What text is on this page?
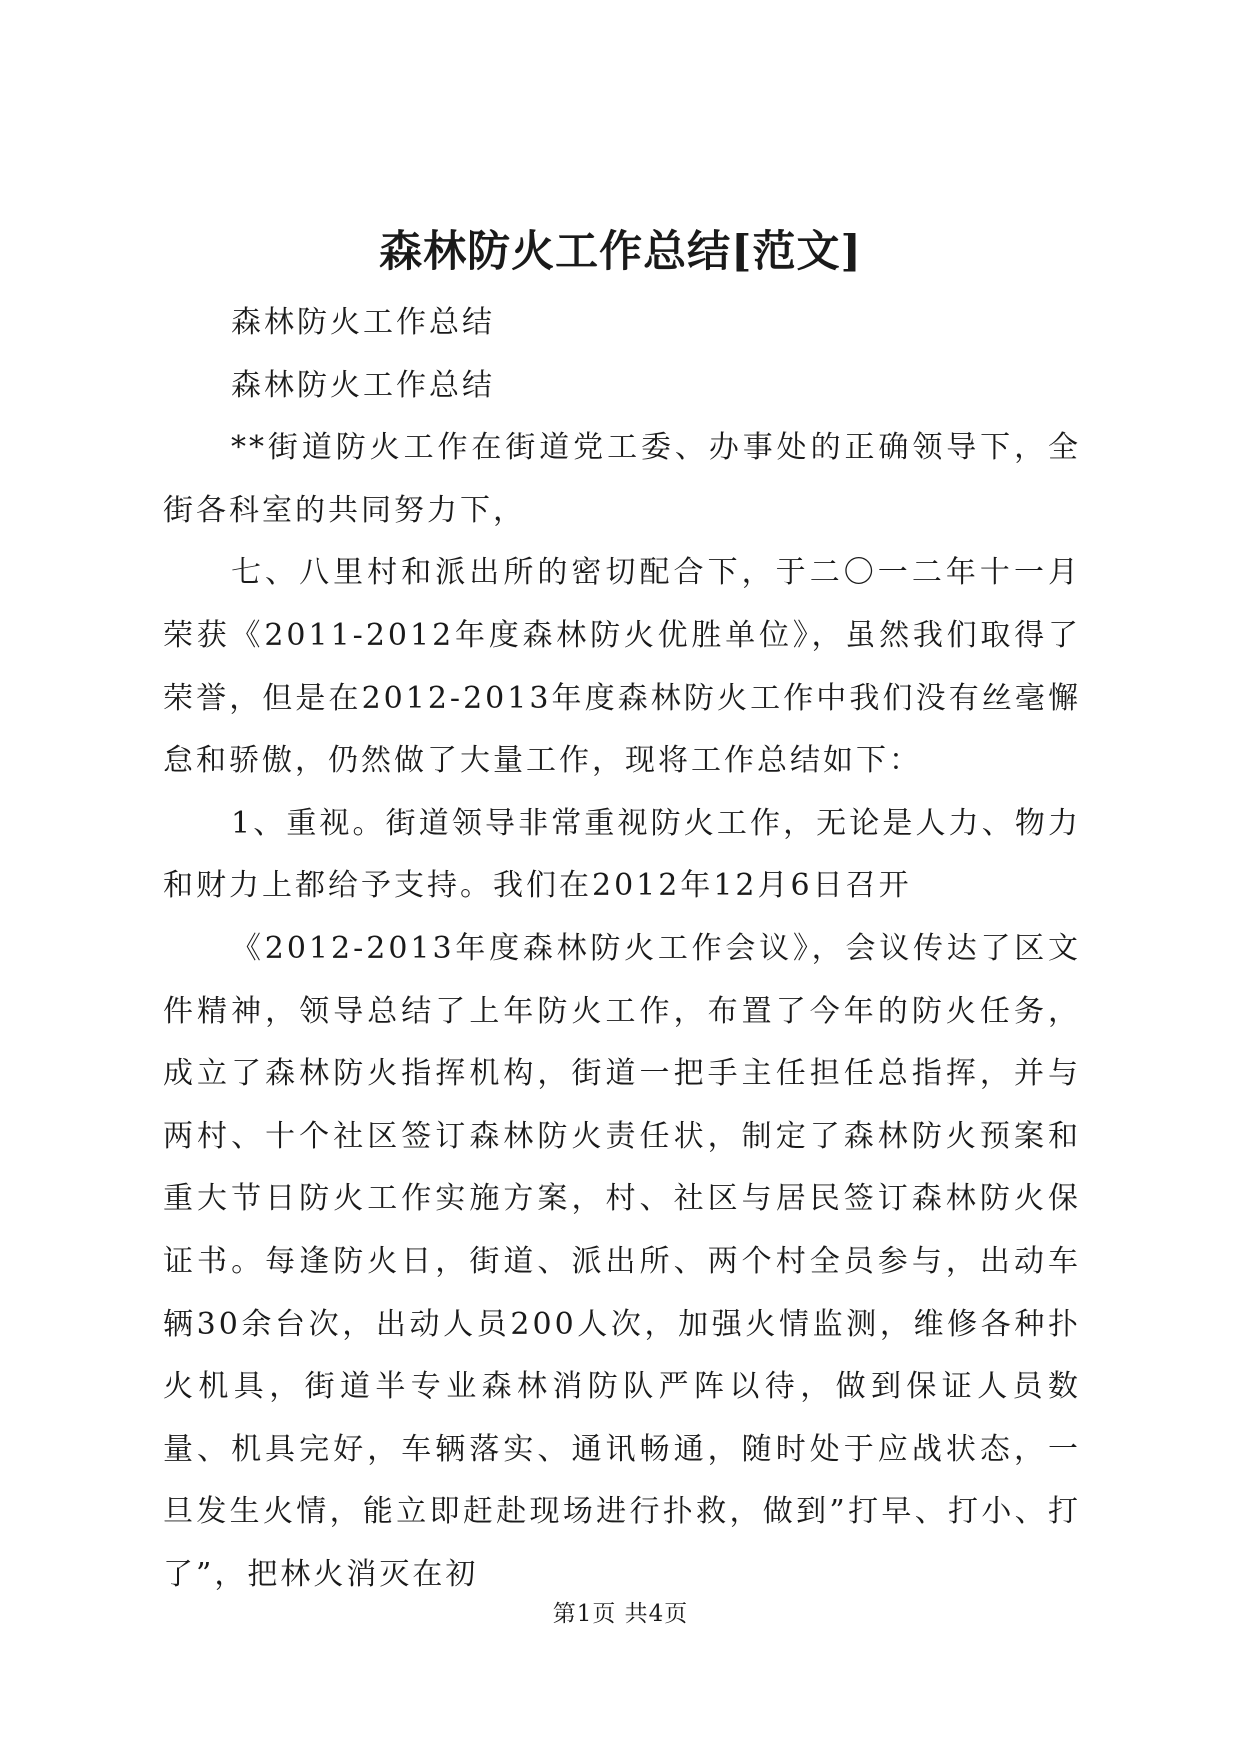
森林防火工作总结[范文]

森林防火工作总结

森林防火工作总结

**街道防火工作在街道党工委、办事处的正确领导下，全街各科室的共同努力下，

七、八里村和派出所的密切配合下，于二〇一二年十一月荣获《2011-2012年度森林防火优胜单位》，虽然我们取得了荣誉，但是在2012-2013年度森林防火工作中我们没有丝毫懈怠和骄傲，仍然做了大量工作，现将工作总结如下：

1、重视。街道领导非常重视防火工作，无论是人力、物力和财力上都给予支持。我们在2012年12月6日召开

《2012-2013年度森林防火工作会议》，会议传达了区文件精神，领导总结了上年防火工作，布置了今年的防火任务，成立了森林防火指挥机构，街道一把手主任担任总指挥，并与两村、十个社区签订森林防火责任状，制定了森林防火预案和重大节日防火工作实施方案，村、社区与居民签订森林防火保证书。每逢防火日，街道、派出所、两个村全员参与，出动车辆30余台次，出动人员200人次，加强火情监测，维修各种扑火机具，街道半专业森林消防队严阵以待，做到保证人员数量、机具完好，车辆落实、通讯畅通，随时处于应战状态，一旦发生火情，能立即赶赴现场进行扑救，做到”打早、打小、打了”，把林火消灭在初

第1页 共4页
